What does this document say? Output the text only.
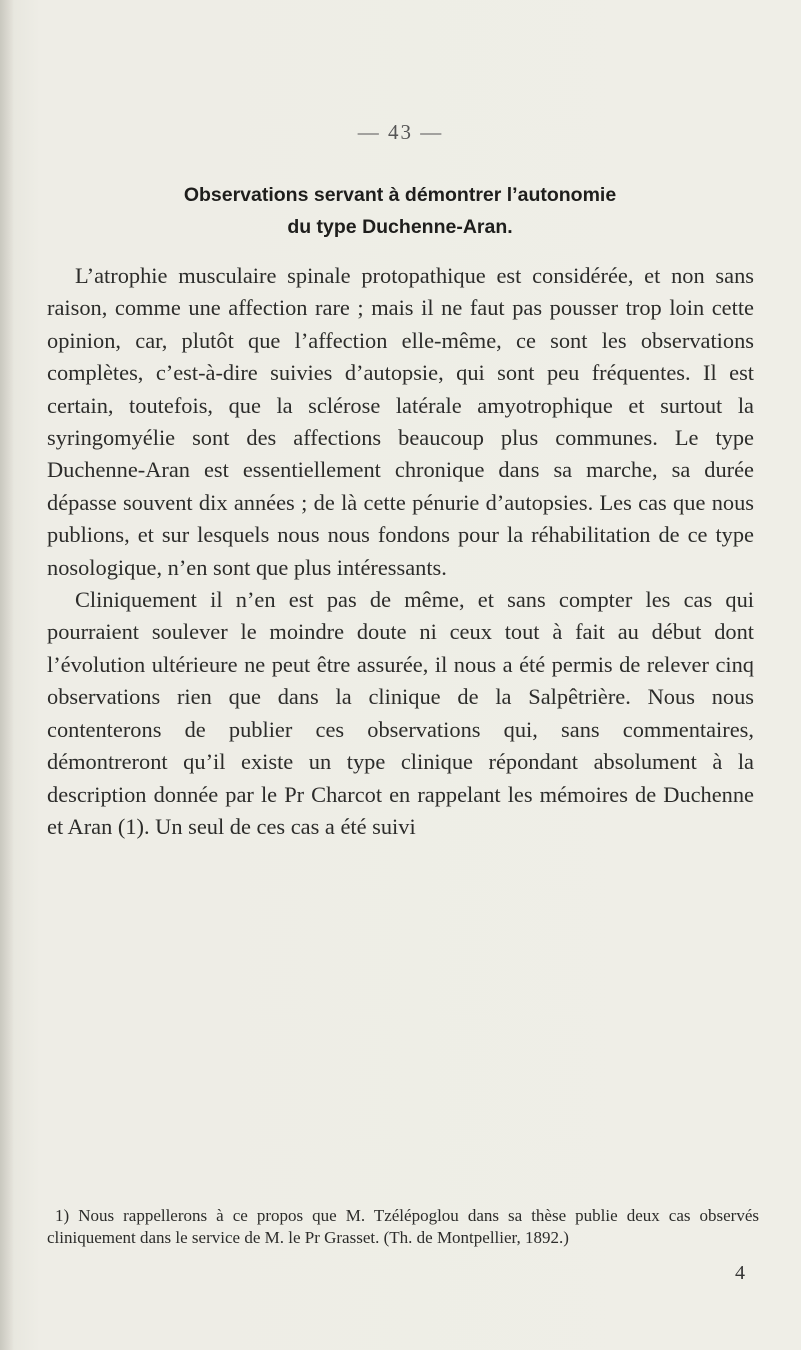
— 43 —
Observations servant à démontrer l’autonomie
du type Duchenne-Aran.

L’atrophie musculaire spinale protopathique est considérée, et non sans raison, comme une affection rare ; mais il ne faut pas pousser trop loin cette opinion, car, plutôt que l’affection elle-même, ce sont les observations complètes, c’est-à-dire suivies d’autopsie, qui sont peu fréquentes. Il est certain, toutefois, que la sclérose latérale amyotrophique et surtout la syringomyélie sont des affections beaucoup plus communes. Le type Duchenne-Aran est essentiellement chronique dans sa marche, sa durée dépasse souvent dix années ; de là cette pénurie d’autopsies. Les cas que nous publions, et sur lesquels nous nous fondons pour la réhabilitation de ce type nosologique, n’en sont que plus intéressants.

Cliniquement il n’en est pas de même, et sans compter les cas qui pourraient soulever le moindre doute ni ceux tout à fait au début dont l’évolution ultérieure ne peut être assurée, il nous a été permis de relever cinq observations rien que dans la clinique de la Salpêtrière. Nous nous contenterons de publier ces observations qui, sans commentaires, démontreront qu’il existe un type clinique répondant absolument à la description donnée par le Pr Charcot en rappelant les mémoires de Duchenne et Aran (1). Un seul de ces cas a été suivi

1) Nous rappellerons à ce propos que M. Tzélépoglou dans sa thèse publie deux cas observés cliniquement dans le service de M. le Pr Grasset. (Th. de Montpellier, 1892.)
4
